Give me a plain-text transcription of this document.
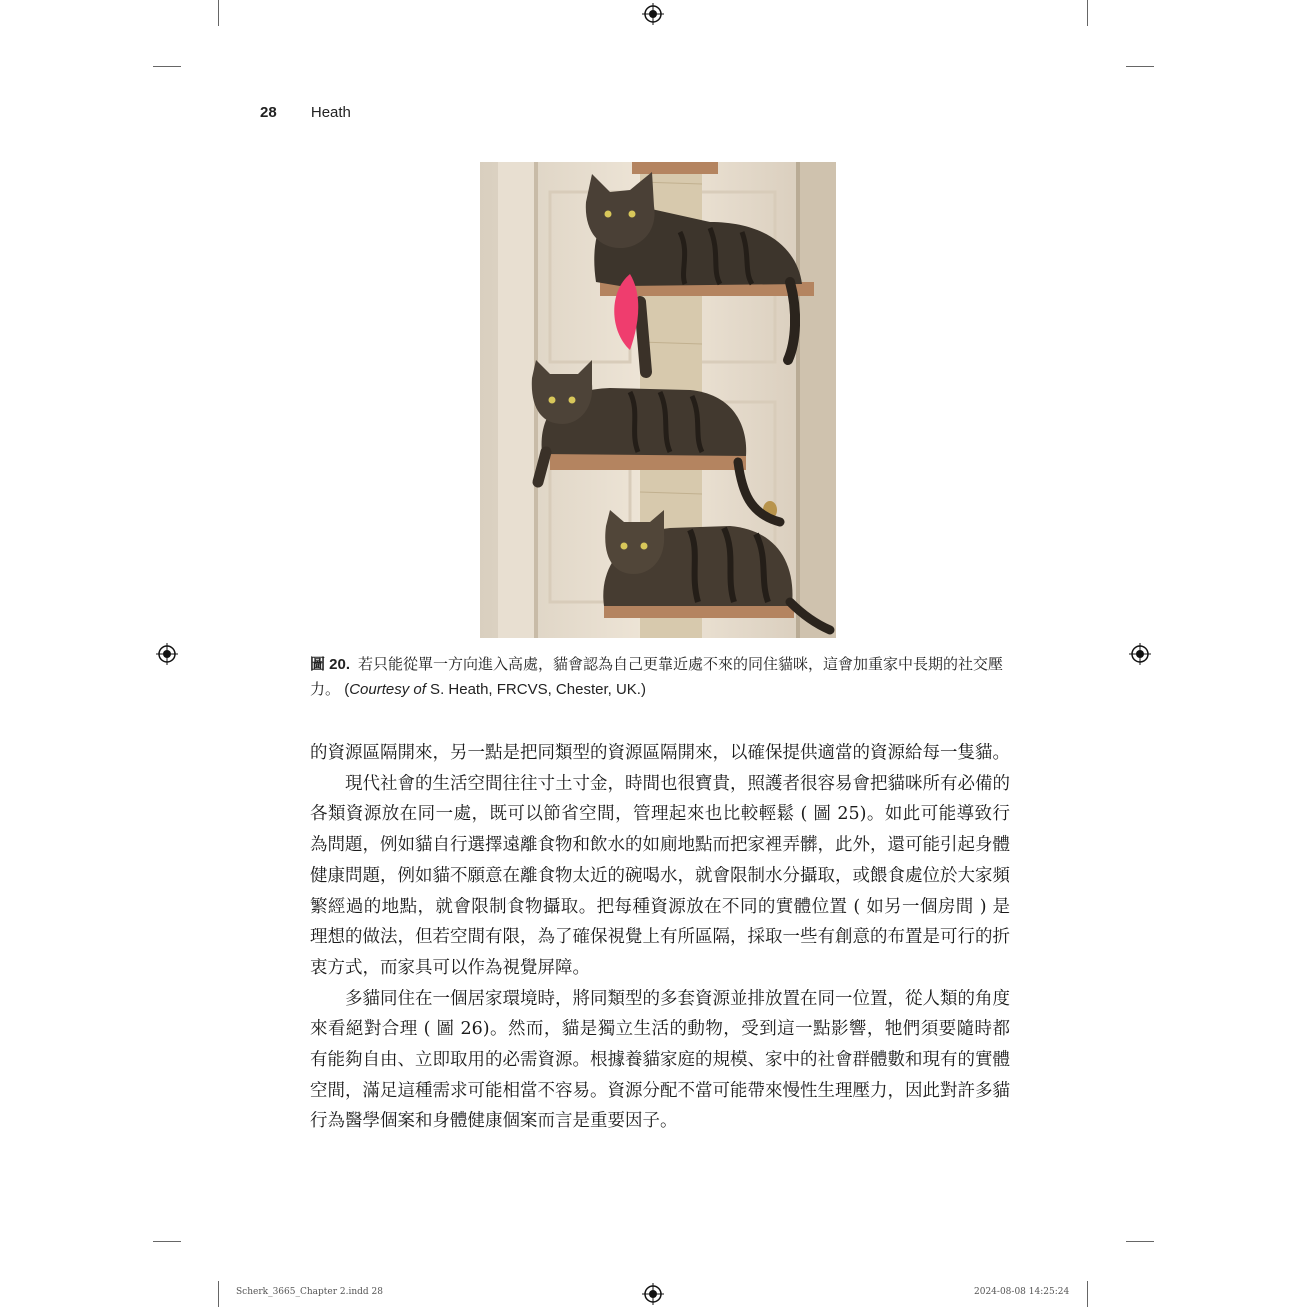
28 Heath
圖 20. 若只能從單一方向進入高處，貓會認為自己更靠近處不來的同住貓咪，這會加重家中長期的社交壓力。 (Courtesy of S. Heath, FRCVS, Chester, UK.)

的資源區隔開來，另一點是把同類型的資源區隔開來，以確保提供適當的資源給每一隻貓。

現代社會的生活空間往往寸土寸金，時間也很寶貴，照護者很容易會把貓咪所有必備的各類資源放在同一處，既可以節省空間，管理起來也比較輕鬆 ( 圖 25)。如此可能導致行為問題，例如貓自行選擇遠離食物和飲水的如廁地點而把家裡弄髒，此外，還可能引起身體健康問題，例如貓不願意在離食物太近的碗喝水，就會限制水分攝取，或餵食處位於大家頻繁經過的地點，就會限制食物攝取。把每種資源放在不同的實體位置 ( 如另一個房間 ) 是理想的做法，但若空間有限，為了確保視覺上有所區隔，採取一些有創意的布置是可行的折衷方式，而家具可以作為視覺屏障。

多貓同住在一個居家環境時，將同類型的多套資源並排放置在同一位置，從人類的角度來看絕對合理 ( 圖 26)。然而，貓是獨立生活的動物，受到這一點影響，牠們須要隨時都有能夠自由、立即取用的必需資源。根據養貓家庭的規模、家中的社會群體數和現有的實體空間，滿足這種需求可能相當不容易。資源分配不當可能帶來慢性生理壓力，因此對許多貓行為醫學個案和身體健康個案而言是重要因子。

Scherk_3665_Chapter 2.indd 28	2024-08-08 14:25:24
